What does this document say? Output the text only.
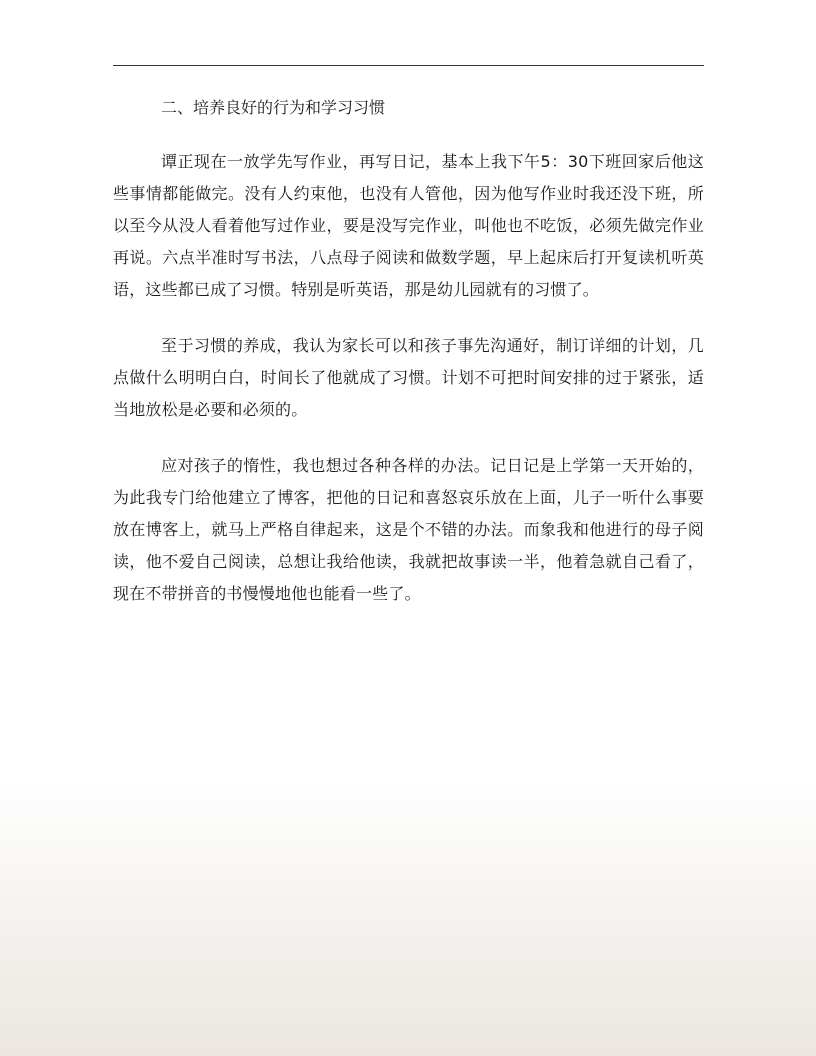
二、培养良好的行为和学习习惯

谭正现在一放学先写作业，再写日记，基本上我下午5：30下班回家后他这些事情都能做完。没有人约束他，也没有人管他，因为他写作业时我还没下班，所以至今从没人看着他写过作业，要是没写完作业，叫他也不吃饭，必须先做完作业再说。六点半准时写书法，八点母子阅读和做数学题，早上起床后打开复读机听英语，这些都已成了习惯。特别是听英语，那是幼儿园就有的习惯了。

至于习惯的养成，我认为家长可以和孩子事先沟通好，制订详细的计划，几点做什么明明白白，时间长了他就成了习惯。计划不可把时间安排的过于紧张，适当地放松是必要和必须的。

应对孩子的惰性，我也想过各种各样的办法。记日记是上学第一天开始的，为此我专门给他建立了博客，把他的日记和喜怒哀乐放在上面，儿子一听什么事要放在博客上，就马上严格自律起来，这是个不错的办法。而象我和他进行的母子阅读，他不爱自己阅读，总想让我给他读，我就把故事读一半，他着急就自己看了，现在不带拼音的书慢慢地他也能看一些了。
